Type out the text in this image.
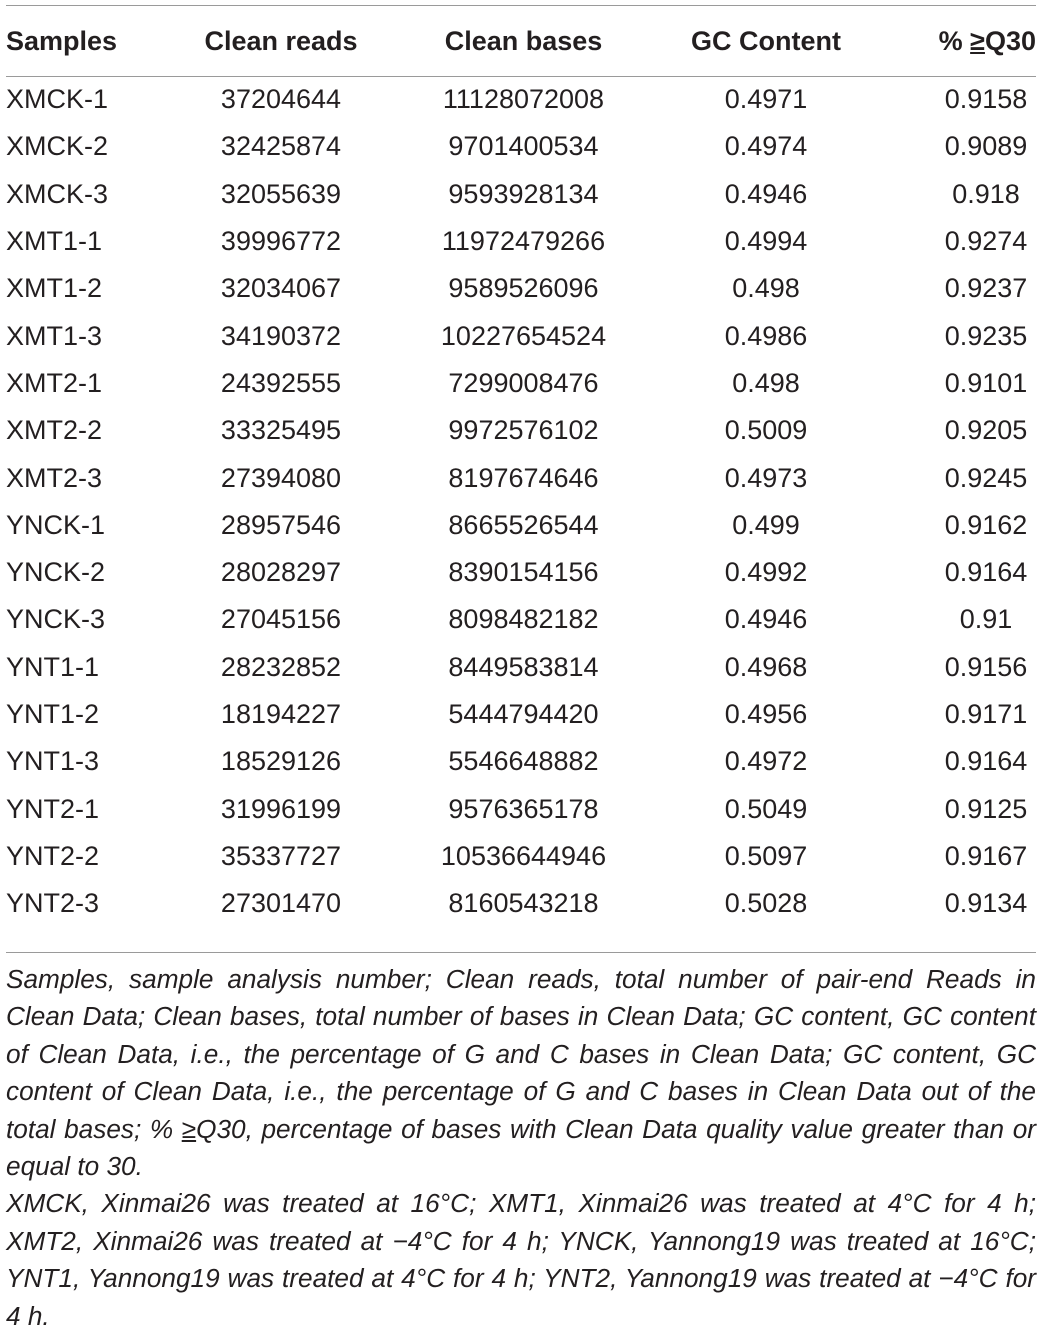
Samples	Clean reads	Clean bases	GC Content	% ≥Q30
XMCK-1	37204644	11128072008	0.4971	0.9158
XMCK-2	32425874	9701400534	0.4974	0.9089
XMCK-3	32055639	9593928134	0.4946	0.918
XMT1-1	39996772	11972479266	0.4994	0.9274
XMT1-2	32034067	9589526096	0.498	0.9237
XMT1-3	34190372	10227654524	0.4986	0.9235
XMT2-1	24392555	7299008476	0.498	0.9101
XMT2-2	33325495	9972576102	0.5009	0.9205
XMT2-3	27394080	8197674646	0.4973	0.9245
YNCK-1	28957546	8665526544	0.499	0.9162
YNCK-2	28028297	8390154156	0.4992	0.9164
YNCK-3	27045156	8098482182	0.4946	0.91
YNT1-1	28232852	8449583814	0.4968	0.9156
YNT1-2	18194227	5444794420	0.4956	0.9171
YNT1-3	18529126	5546648882	0.4972	0.9164
YNT2-1	31996199	9576365178	0.5049	0.9125
YNT2-2	35337727	10536644946	0.5097	0.9167
YNT2-3	27301470	8160543218	0.5028	0.9134

Samples, sample analysis number; Clean reads, total number of pair-end Reads in Clean Data; Clean bases, total number of bases in Clean Data; GC content, GC content of Clean Data, i.e., the percentage of G and C bases in Clean Data; GC content, GC content of Clean Data, i.e., the percentage of G and C bases in Clean Data out of the total bases; % ≥Q30, percentage of bases with Clean Data quality value greater than or equal to 30.

XMCK, Xinmai26 was treated at 16°C; XMT1, Xinmai26 was treated at 4°C for 4 h; XMT2, Xinmai26 was treated at −4°C for 4 h; YNCK, Yannong19 was treated at 16°C; YNT1, Yannong19 was treated at 4°C for 4 h; YNT2, Yannong19 was treated at −4°C for 4 h.
